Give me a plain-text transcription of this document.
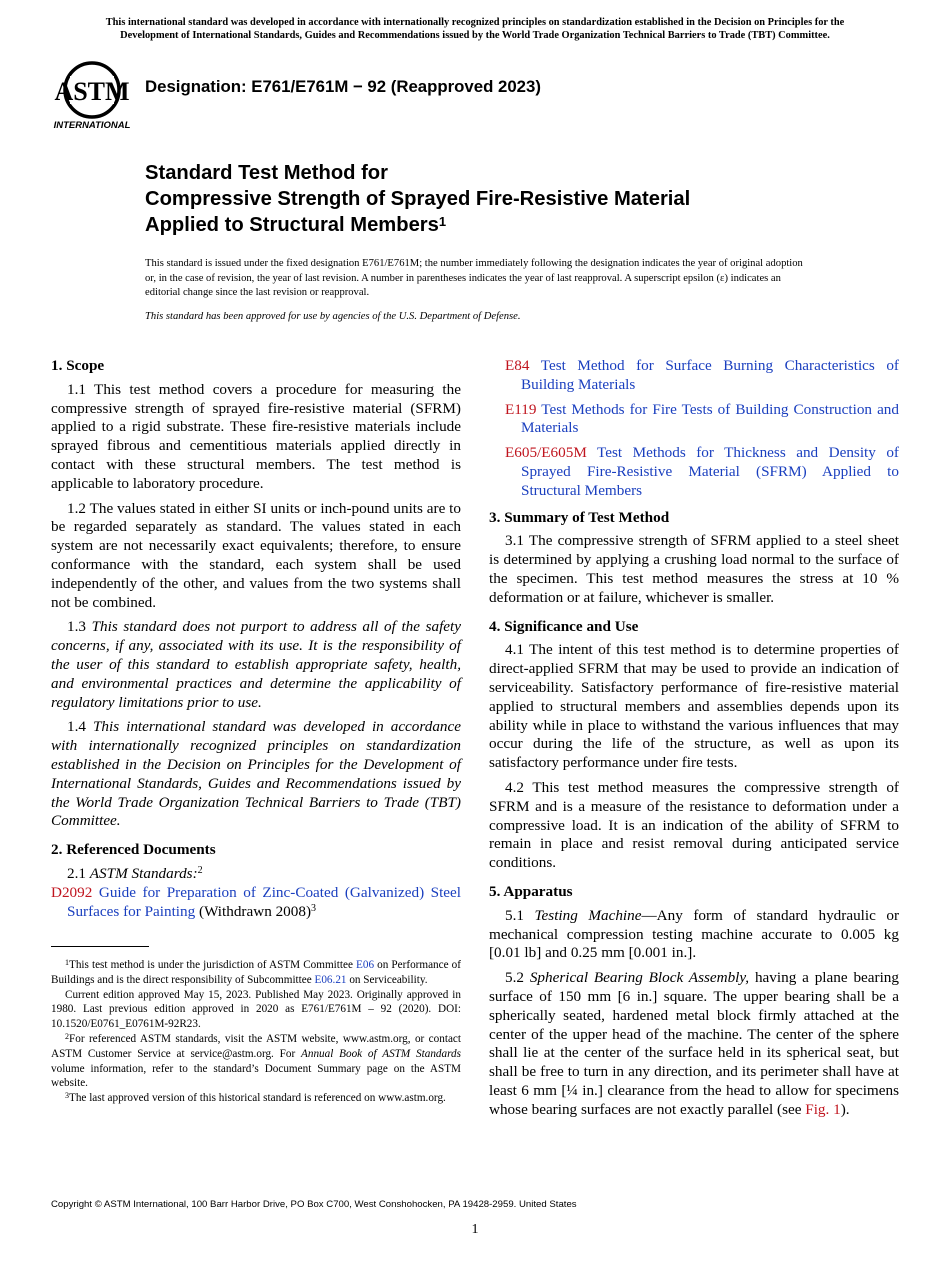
This international standard was developed in accordance with internationally recognized principles on standardization established in the Decision on Principles for the
Development of International Standards, Guides and Recommendations issued by the World Trade Organization Technical Barriers to Trade (TBT) Committee.
ASTM
INTERNATIONAL
Designation: E761/E761M − 92 (Reapproved 2023)
Standard Test Method for
Compressive Strength of Sprayed Fire-Resistive Material
Applied to Structural Members$^1$
This standard is issued under the fixed designation E761/E761M; the number immediately following the designation indicates the year of original adoption or, in the case of revision, the year of last revision. A number in parentheses indicates the year of last reapproval. A superscript epsilon (ε) indicates an editorial change since the last revision or reapproval.
This standard has been approved for use by agencies of the U.S. Department of Defense.
1. Scope

1.1 This test method covers a procedure for measuring the compressive strength of sprayed fire-resistive material (SFRM) applied to a rigid substrate. These fire-resistive materials include sprayed fibrous and cementitious materials applied directly in contact with these structural members. The test method is applicable to laboratory procedure.

1.2 The values stated in either SI units or inch-pound units are to be regarded separately as standard. The values stated in each system are not necessarily exact equivalents; therefore, to ensure conformance with the standard, each system shall be used independently of the other, and values from the two systems shall not be combined.

1.3 This standard does not purport to address all of the safety concerns, if any, associated with its use. It is the responsibility of the user of this standard to establish appropriate safety, health, and environmental practices and determine the applicability of regulatory limitations prior to use.

1.4 This international standard was developed in accordance with internationally recognized principles on standardization established in the Decision on Principles for the Development of International Standards, Guides and Recommendations issued by the World Trade Organization Technical Barriers to Trade (TBT) Committee.

2. Referenced Documents
2.1 ASTM Standards:$^2$

D2092 Guide for Preparation of Zinc-Coated (Galvanized) Steel Surfaces for Painting (Withdrawn 2008)$^3$

$^1$This test method is under the jurisdiction of ASTM Committee E06 on Performance of Buildings and is the direct responsibility of Subcommittee E06.21 on Serviceability.

Current edition approved May 15, 2023. Published May 2023. Originally approved in 1980. Last previous edition approved in 2020 as E761/E761M – 92 (2020). DOI: 10.1520/E0761_E0761M-92R23.

$^2$For referenced ASTM standards, visit the ASTM website, www.astm.org, or contact ASTM Customer Service at service@astm.org. For Annual Book of ASTM Standards volume information, refer to the standard’s Document Summary page on the ASTM website.

$^3$The last approved version of this historical standard is referenced on www.astm.org.

E84 Test Method for Surface Burning Characteristics of Building Materials

E119 Test Methods for Fire Tests of Building Construction and Materials

E605/E605M Test Methods for Thickness and Density of Sprayed Fire-Resistive Material (SFRM) Applied to Structural Members

3. Summary of Test Method

3.1 The compressive strength of SFRM applied to a steel sheet is determined by applying a crushing load normal to the surface of the specimen. This test method measures the stress at 10 % deformation or at failure, whichever is smaller.

4. Significance and Use

4.1 The intent of this test method is to determine properties of direct-applied SFRM that may be used to provide an indication of serviceability. Satisfactory performance of fire-resistive material applied to structural members and assemblies depends upon its ability while in place to withstand the various influences that may occur during the life of the structure, as well as upon its satisfactory performance under fire tests.

4.2 This test method measures the compressive strength of SFRM and is a measure of the resistance to deformation under a compressive load. It is an indication of the ability of SFRM to remain in place and resist removal during anticipated service conditions.

5. Apparatus

5.1 Testing Machine—Any form of standard hydraulic or mechanical compression testing machine accurate to 0.005 kg [0.01 lb] and 0.25 mm [0.001 in.].

5.2 Spherical Bearing Block Assembly, having a plane bearing surface of 150 mm [6 in.] square. The upper bearing shall be a spherically seated, hardened metal block firmly attached at the center of the upper head of the machine. The center of the sphere shall lie at the center of the surface held in its spherical seat, but shall be free to turn in any direction, and its perimeter shall have at least 6 mm [¼ in.] clearance from the head to allow for specimens whose bearing surfaces are not exactly parallel (see Fig. 1).

Copyright © ASTM International, 100 Barr Harbor Drive, PO Box C700, West Conshohocken, PA 19428-2959. United States
1
